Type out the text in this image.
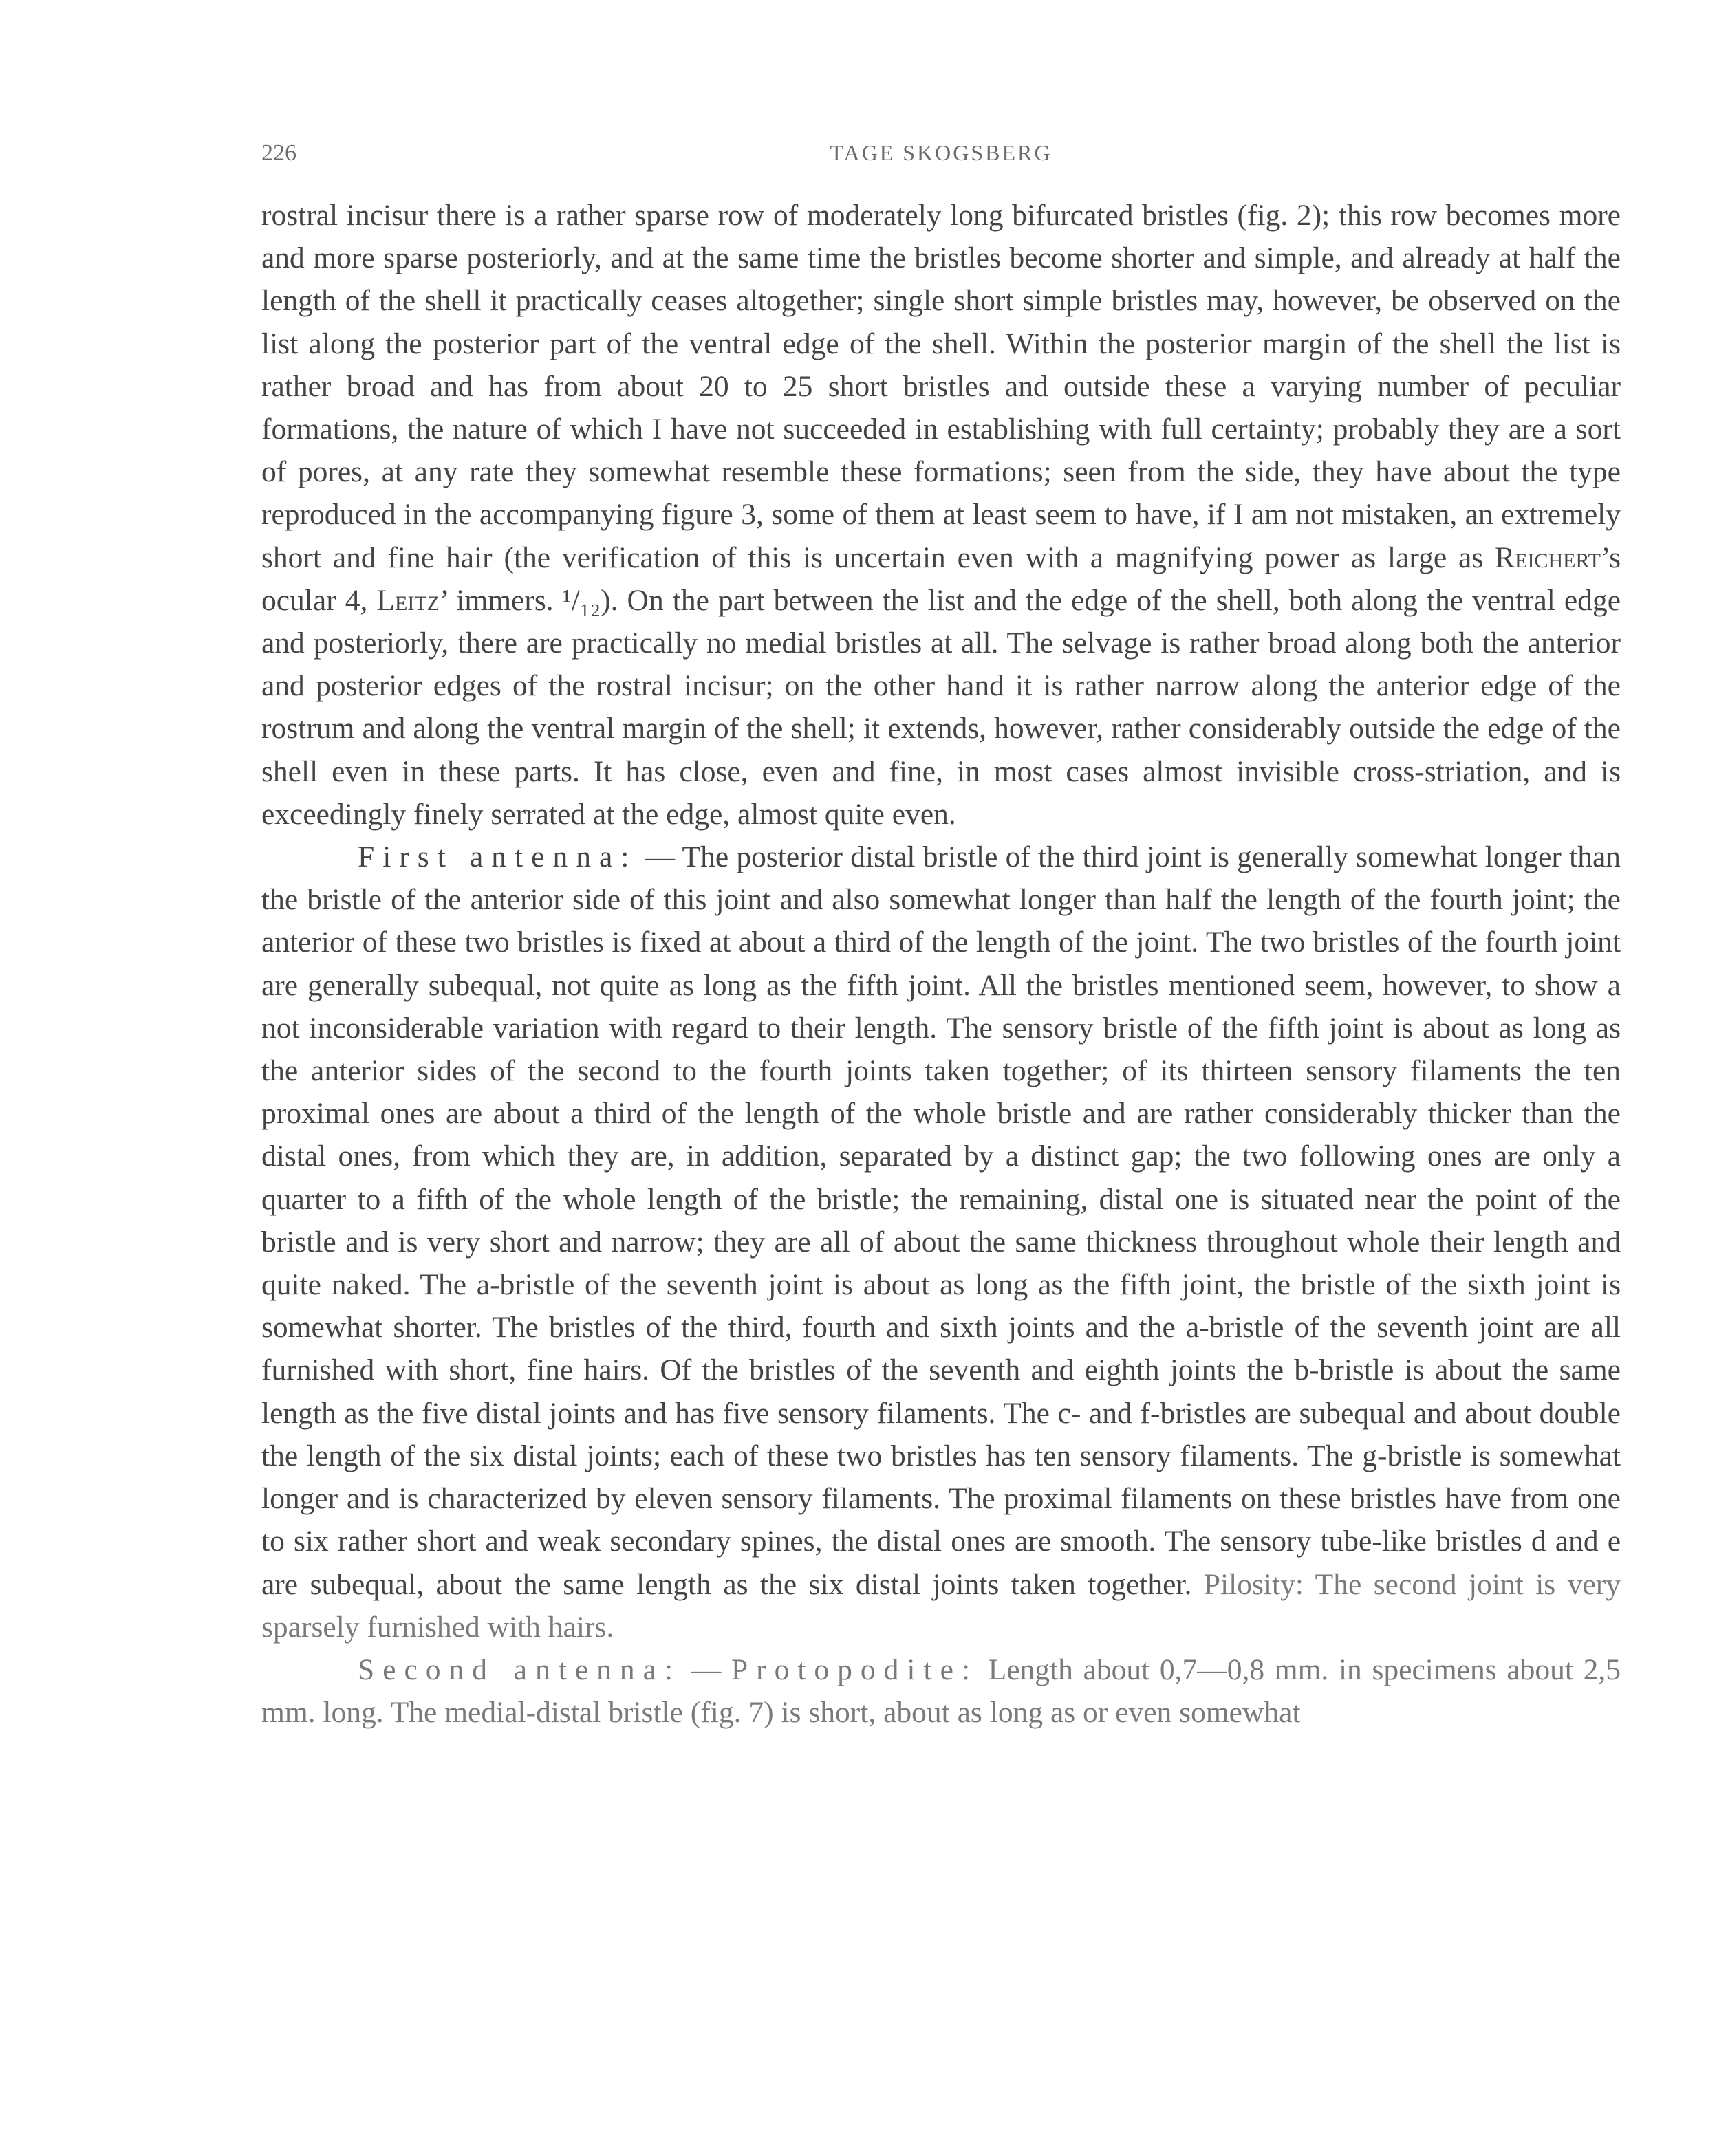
226	TAGE SKOGSBERG

rostral incisur there is a rather sparse row of moderately long bifurcated bristles (fig. 2); this row becomes more and more sparse posteriorly, and at the same time the bristles become shorter and simple, and already at half the length of the shell it practically ceases altogether; single short simple bristles may, however, be observed on the list along the posterior part of the ventral edge of the shell. Within the posterior margin of the shell the list is rather broad and has from about 20 to 25 short bristles and outside these a varying number of peculiar formations, the nature of which I have not succeeded in establishing with full certainty; probably they are a sort of pores, at any rate they somewhat resemble these formations; seen from the side, they have about the type reproduced in the accompanying figure 3, some of them at least seem to have, if I am not mistaken, an extremely short and fine hair (the verification of this is uncertain even with a magnifying power as large as Reichert’s ocular 4, Leitz’ immers. ¹/₁₂). On the part between the list and the edge of the shell, both along the ventral edge and posteriorly, there are practically no medial bristles at all. The selvage is rather broad along both the anterior and posterior edges of the rostral incisur; on the other hand it is rather narrow along the anterior edge of the rostrum and along the ventral margin of the shell; it extends, however, rather considerably outside the edge of the shell even in these parts. It has close, even and fine, in most cases almost invisible cross-striation, and is exceedingly finely serrated at the edge, almost quite even.

First antenna: — The posterior distal bristle of the third joint is generally somewhat longer than the bristle of the anterior side of this joint and also somewhat longer than half the length of the fourth joint; the anterior of these two bristles is fixed at about a third of the length of the joint. The two bristles of the fourth joint are generally subequal, not quite as long as the fifth joint. All the bristles mentioned seem, however, to show a not inconsiderable variation with regard to their length. The sensory bristle of the fifth joint is about as long as the anterior sides of the second to the fourth joints taken together; of its thirteen sensory filaments the ten proximal ones are about a third of the length of the whole bristle and are rather considerably thicker than the distal ones, from which they are, in addition, separated by a distinct gap; the two following ones are only a quarter to a fifth of the whole length of the bristle; the remaining, distal one is situated near the point of the bristle and is very short and narrow; they are all of about the same thickness throughout whole their length and quite naked. The a-bristle of the seventh joint is about as long as the fifth joint, the bristle of the sixth joint is somewhat shorter. The bristles of the third, fourth and sixth joints and the a-bristle of the seventh joint are all furnished with short, fine hairs. Of the bristles of the seventh and eighth joints the b-bristle is about the same length as the five distal joints and has five sensory filaments. The c- and f-bristles are subequal and about double the length of the six distal joints; each of these two bristles has ten sensory filaments. The g-bristle is somewhat longer and is characterized by eleven sensory filaments. The proximal filaments on these bristles have from one to six rather short and weak secondary spines, the distal ones are smooth. The sensory tube-like bristles d and e are subequal, about the same length as the six distal joints taken together. Pilosity: The second joint is very sparsely furnished with hairs.

Second antenna: — Protopodite: Length about 0,7—0,8 mm. in specimens about 2,5 mm. long. The medial-distal bristle (fig. 7) is short, about as long as or even somewhat
